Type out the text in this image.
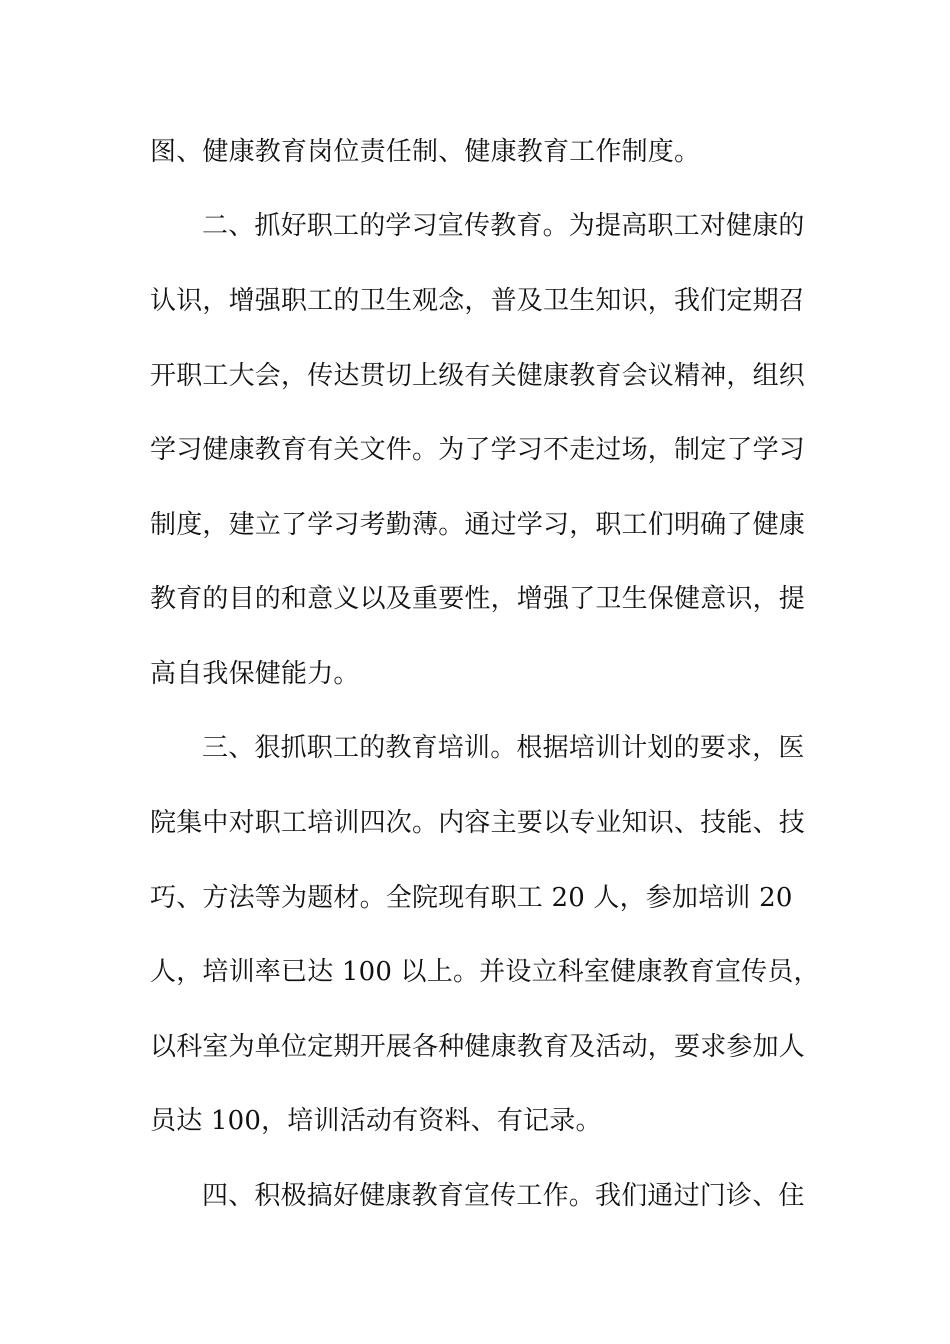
图、健康教育岗位责任制、健康教育工作制度。
二、抓好职工的学习宣传教育。为提高职工对健康的
认识，增强职工的卫生观念，普及卫生知识，我们定期召
开职工大会，传达贯切上级有关健康教育会议精神，组织
学习健康教育有关文件。为了学习不走过场，制定了学习
制度，建立了学习考勤薄。通过学习，职工们明确了健康
教育的目的和意义以及重要性，增强了卫生保健意识，提
高自我保健能力。
三、狠抓职工的教育培训。根据培训计划的要求，医
院集中对职工培训四次。内容主要以专业知识、技能、技
巧、方法等为题材。全院现有职工 20 人，参加培训 20
人，培训率已达 100 以上。并设立科室健康教育宣传员，
以科室为单位定期开展各种健康教育及活动，要求参加人
员达 100，培训活动有资料、有记录。
四、积极搞好健康教育宣传工作。我们通过门诊、住
